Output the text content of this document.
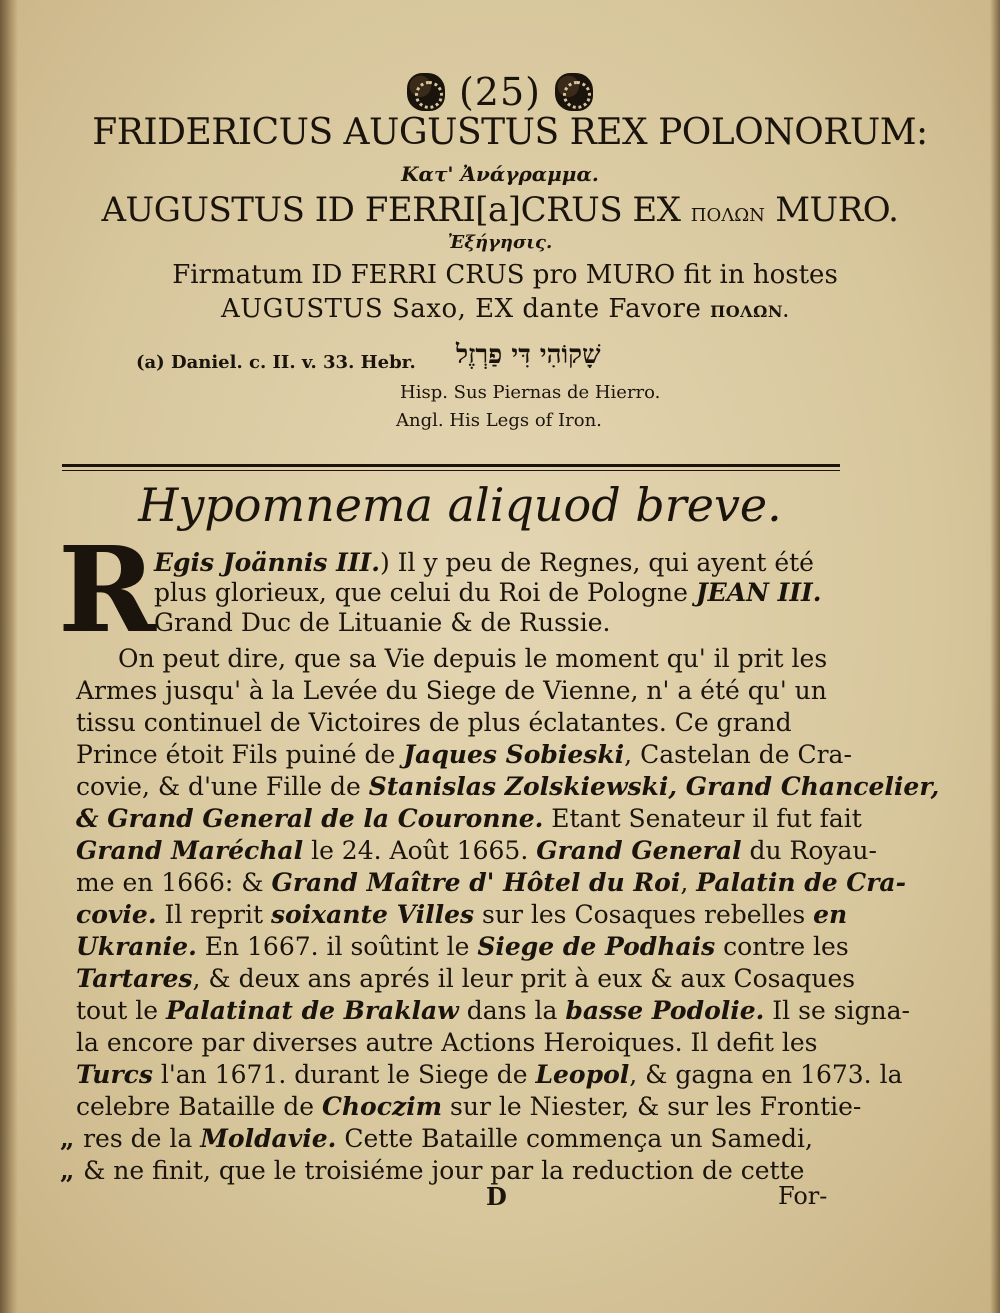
(25)
FRIDERICUS AUGUSTUS REX POLONORUM:
Κατ' Ἀνάγραμμα.
AUGUSTUS ID FERRI[a]CRUS EX ΠΟΛΩΝ MURO.
Ἐξήγησις.
Firmatum ID FERRI CRUS pro MURO fit in hostes
AUGUSTUS Saxo, EX dante Favore ΠΟΛΩΝ.
(a) Daniel. c. II. v. 33. Hebr. שָׁקוֹהִי דִּי פַרְזֶל
Hisp. Sus Piernas de Hierro.
Angl. His Legs of Iron.
Hypomnema aliquod breve.
R
Egis Joännis III.) Il y peu de Regnes, qui ayent été
plus glorieux, que celui du Roi de Pologne JEAN III.
Grand Duc de Lituanie & de Russie.
On peut dire, que sa Vie depuis le moment qu' il prit les
Armes jusqu' à la Levée du Siege de Vienne, n' a été qu' un
tissu continuel de Victoires de plus éclatantes. Ce grand
Prince étoit Fils puiné de Jaques Sobieski, Castelan de Cra-
covie, & d'une Fille de Stanislas Zolskiewski, Grand Chancelier,
& Grand General de la Couronne. Etant Senateur il fut fait
Grand Maréchal le 24. Août 1665. Grand General du Royau-
me en 1666: & Grand Maître d' Hôtel du Roi, Palatin de Cra-
covie. Il reprit soixante Villes sur les Cosaques rebelles en
Ukranie. En 1667. il soûtint le Siege de Podhais contre les
Tartares, & deux ans aprés il leur prit à eux & aux Cosaques
tout le Palatinat de Braklaw dans la basse Podolie. Il se signa-
la encore par diverses autre Actions Heroiques. Il defit les
Turcs l'an 1671. durant le Siege de Leopol, & gagna en 1673. la
celebre Bataille de Choczim sur le Niester, & sur les Frontie-
„ res de la Moldavie. Cette Bataille commença un Samedi,
„ & ne finit, que le troisiéme jour par la reduction de cette
D	For-
